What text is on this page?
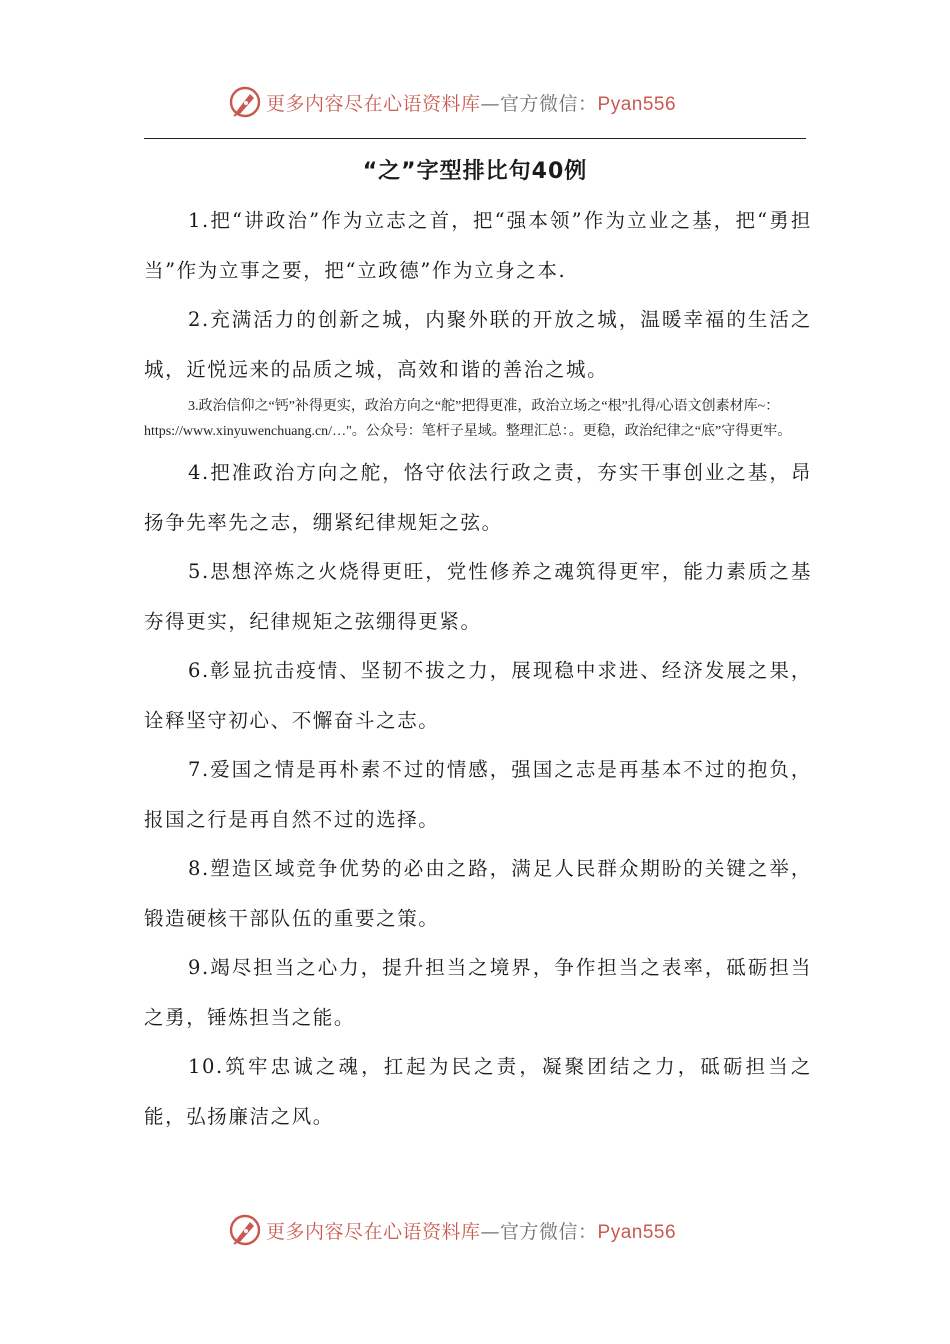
更多内容尽在心语资料库—官方微信：Pyan556
“之”字型排比句40例

1.把“讲政治”作为立志之首，把“强本领”作为立业之基，把“勇担当”作为立事之要，把“立政德”作为立身之本.

2.充满活力的创新之城，内聚外联的开放之城，温暖幸福的生活之城，近悦远来的品质之城，高效和谐的善治之城。

3.政治信仰之“钙”补得更实，政治方向之“舵”把得更准，政治立场之“根”扎得/心语文创素材库~：https://www.xinyuwenchuang.cn/…"。公众号：笔杆子星域。整理汇总：。更稳，政治纪律之“底”守得更牢。

4.把准政治方向之舵，恪守依法行政之责，夯实干事创业之基，昂扬争先率先之志，绷紧纪律规矩之弦。

5.思想淬炼之火烧得更旺，党性修养之魂筑得更牢，能力素质之基夯得更实，纪律规矩之弦绷得更紧。

6.彰显抗击疫情、坚韧不拔之力，展现稳中求进、经济发展之果，诠释坚守初心、不懈奋斗之志。

7.爱国之情是再朴素不过的情感，强国之志是再基本不过的抱负，报国之行是再自然不过的选择。

8.塑造区域竞争优势的必由之路，满足人民群众期盼的关键之举，锻造硬核干部队伍的重要之策。

9.竭尽担当之心力，提升担当之境界，争作担当之表率，砥砺担当之勇，锤炼担当之能。

10.筑牢忠诚之魂，扛起为民之责，凝聚团结之力，砥砺担当之能，弘扬廉洁之风。

更多内容尽在心语资料库—官方微信：Pyan556
